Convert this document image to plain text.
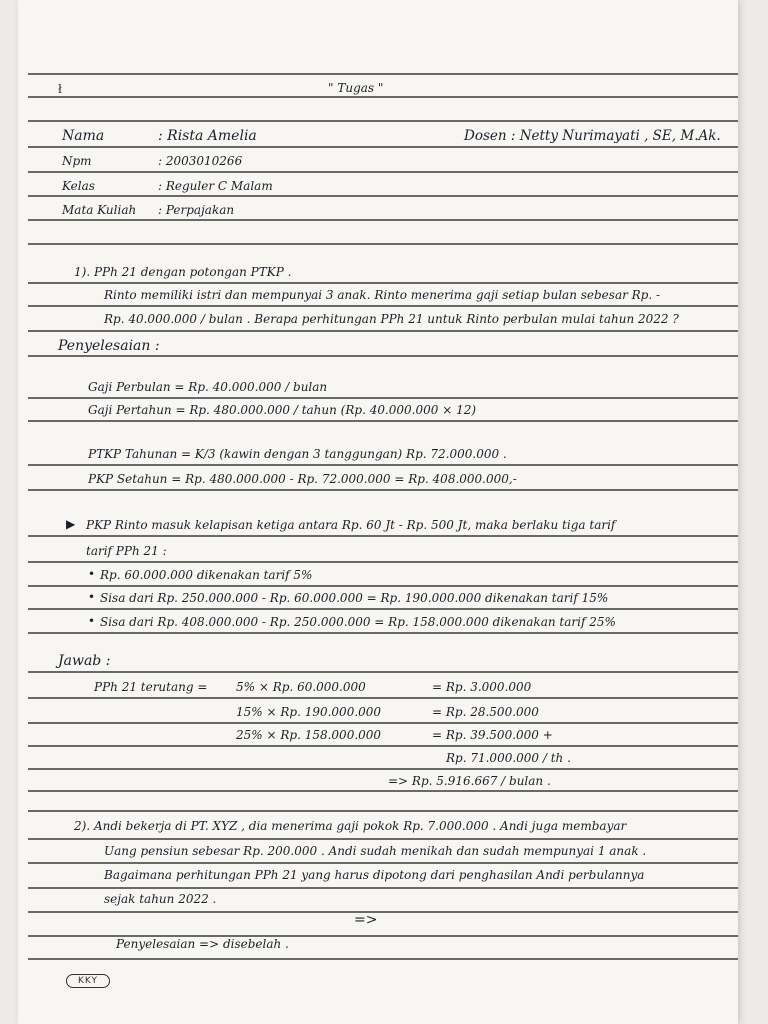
ł	" Tugas "
Nama	: Rista Amelia	Dosen : Netty Nurimayati , SE, M.Ak.
Npm	: 2003010266
Kelas	: Reguler C Malam
Mata Kuliah : Perpajakan
1). PPh 21 dengan potongan PTKP .
Rinto memiliki istri dan mempunyai 3 anak. Rinto menerima gaji setiap bulan sebesar Rp. -
Rp. 40.000.000 / bulan . Berapa perhitungan PPh 21 untuk Rinto perbulan mulai tahun 2022 ?
Penyelesaian :
Gaji Perbulan = Rp. 40.000.000 / bulan
Gaji Pertahun = Rp. 480.000.000 / tahun (Rp. 40.000.000 × 12)
PTKP Tahunan = K/3 (kawin dengan 3 tanggungan) Rp. 72.000.000 .
PKP Setahun = Rp. 480.000.000 - Rp. 72.000.000 = Rp. 408.000.000,-
▶ PKP Rinto masuk kelapisan ketiga antara Rp. 60 Jt - Rp. 500 Jt, maka berlaku tiga tarif
tarif PPh 21 :
• Rp. 60.000.000 dikenakan tarif 5%
• Sisa dari Rp. 250.000.000 - Rp. 60.000.000 = Rp. 190.000.000 dikenakan tarif 15%
• Sisa dari Rp. 408.000.000 - Rp. 250.000.000 = Rp. 158.000.000 dikenakan tarif 25%
Jawab :
PPh 21 terutang = 5% × Rp. 60.000.000	= Rp. 3.000.000
15% × Rp. 190.000.000	= Rp. 28.500.000
25% × Rp. 158.000.000	= Rp. 39.500.000 +
Rp. 71.000.000 / th .
=> Rp. 5.916.667 / bulan .
2). Andi bekerja di PT. XYZ , dia menerima gaji pokok Rp. 7.000.000 . Andi juga membayar
Uang pensiun sebesar Rp. 200.000 . Andi sudah menikah dan sudah mempunyai 1 anak .
Bagaimana perhitungan PPh 21 yang harus dipotong dari penghasilan Andi perbulannya
sejak tahun 2022 .
=>
Penyelesaian => disebelah .
KKY
